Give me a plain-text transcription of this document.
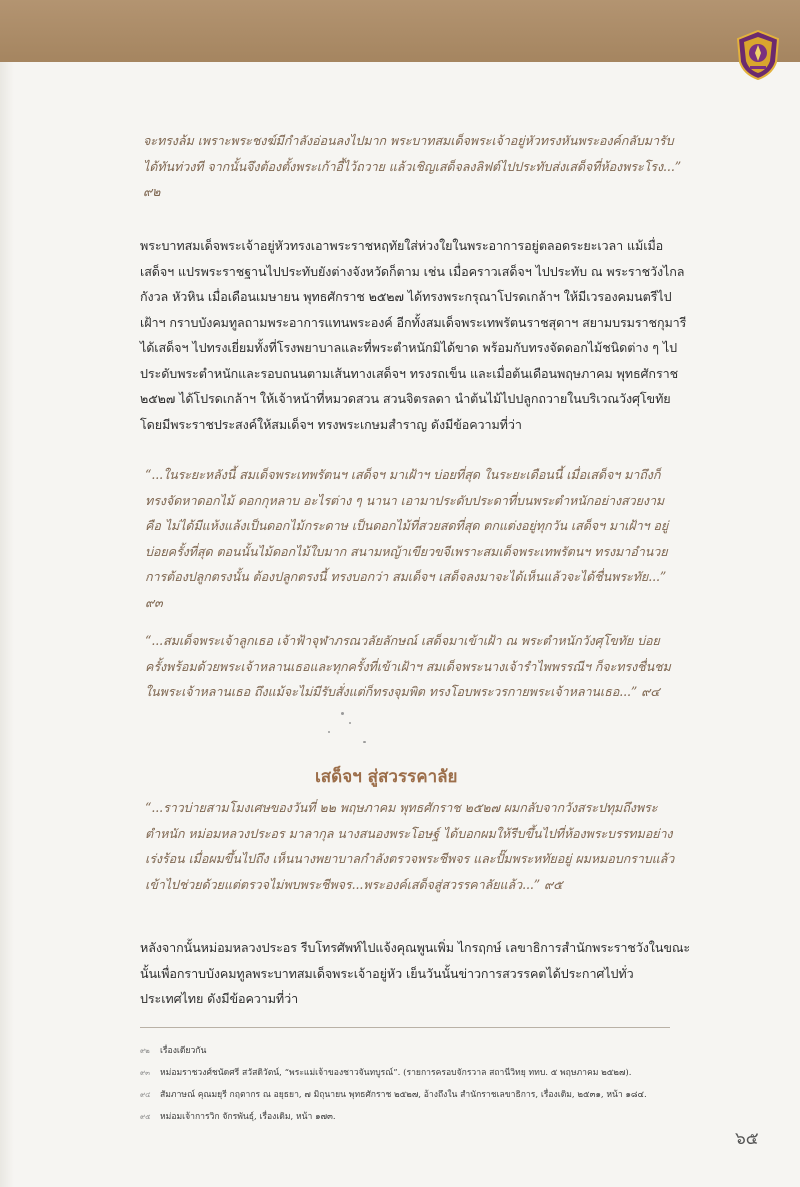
จะทรงล้ม เพราะพระชงฆ์มีกำลังอ่อนลงไปมาก พระบาทสมเด็จพระเจ้าอยู่หัวทรงหันพระองค์กลับมารับได้ทันท่วงที จากนั้นจึงต้องตั้งพระเก้าอี้ไว้ถวาย แล้วเชิญเสด็จลงลิฟต์ไปประทับส่งเสด็จที่ห้องพระโรง...” ๙๒

พระบาทสมเด็จพระเจ้าอยู่หัวทรงเอาพระราชหฤทัยใส่ห่วงใยในพระอาการอยู่ตลอดระยะเวลา แม้เมื่อเสด็จฯ แปรพระราชฐานไปประทับยังต่างจังหวัดก็ตาม เช่น เมื่อคราวเสด็จฯ ไปประทับ ณ พระราชวังไกลกังวล หัวหิน เมื่อเดือนเมษายน พุทธศักราช ๒๕๒๗ ได้ทรงพระกรุณาโปรดเกล้าฯ ให้มีเวรองคมนตรีไปเฝ้าฯ กราบบังคมทูลถามพระอาการแทนพระองค์ อีกทั้งสมเด็จพระเทพรัตนราชสุดาฯ สยามบรมราชกุมารีได้เสด็จฯ ไปทรงเยี่ยมทั้งที่โรงพยาบาลและที่พระตำหนักมิได้ขาด พร้อมกับทรงจัดดอกไม้ชนิดต่าง ๆ ไปประดับพระตำหนักและรอบถนนตามเส้นทางเสด็จฯ ทรงรถเข็น และเมื่อต้นเดือนพฤษภาคม พุทธศักราช ๒๕๒๗ ได้โปรดเกล้าฯ ให้เจ้าหน้าที่หมวดสวน สวนจิตรลดา นำต้นไม้ไปปลูกถวายในบริเวณวังศุโขทัย โดยมีพระราชประสงค์ให้สมเด็จฯ ทรงพระเกษมสำราญ ดังมีข้อความที่ว่า

“...ในระยะหลังนี้ สมเด็จพระเทพรัตนฯ เสด็จฯ มาเฝ้าฯ บ่อยที่สุด ในระยะเดือนนี้ เมื่อเสด็จฯ มาถึงก็ทรงจัดหาดอกไม้ ดอกกุหลาบ อะไรต่าง ๆ นานา เอามาประดับประดาที่บนพระตำหนักอย่างสวยงาม คือ ไม่ได้มีแห้งแล้งเป็นดอกไม้กระดาษ เป็นดอกไม้ที่สวยสดที่สุด ตกแต่งอยู่ทุกวัน เสด็จฯ มาเฝ้าฯ อยู่บ่อยครั้งที่สุด ตอนนั้นไม้ดอกไม้ใบมาก สนามหญ้าเขียวขจีเพราะสมเด็จพระเทพรัตนฯ ทรงมาอำนวยการต้องปลูกตรงนั้น ต้องปลูกตรงนี้ ทรงบอกว่า สมเด็จฯ เสด็จลงมาจะได้เห็นแล้วจะได้ชื่นพระทัย...” ๙๓

“...สมเด็จพระเจ้าลูกเธอ เจ้าฟ้าจุฬาภรณวลัยลักษณ์ เสด็จมาเข้าเฝ้า ณ พระตำหนักวังศุโขทัย บ่อยครั้งพร้อมด้วยพระเจ้าหลานเธอและทุกครั้งที่เข้าเฝ้าฯ สมเด็จพระนางเจ้ารำไพพรรณีฯ ก็จะทรงชื่นชมในพระเจ้าหลานเธอ ถึงแม้จะไม่มีรับสั่งแต่ก็ทรงจุมพิต ทรงโอบพระวรกายพระเจ้าหลานเธอ...” ๙๔

เสด็จฯ สู่สวรรคาลัย

“...ราวบ่ายสามโมงเศษของวันที่ ๒๒ พฤษภาคม พุทธศักราช ๒๕๒๗ ผมกลับจากวังสระปทุมถึงพระตำหนัก หม่อมหลวงประอร มาลากุล นางสนองพระโอษฐ์ ได้บอกผมให้รีบขึ้นไปที่ห้องพระบรรทมอย่างเร่งร้อน เมื่อผมขึ้นไปถึง เห็นนางพยาบาลกำลังตรวจพระชีพจร และปั๊มพระหทัยอยู่ ผมหมอบกราบแล้วเข้าไปช่วยด้วยแต่ตรวจไม่พบพระชีพจร...พระองค์เสด็จสู่สวรรคาลัยแล้ว...” ๙๕

หลังจากนั้นหม่อมหลวงประอร รีบโทรศัพท์ไปแจ้งคุณพูนเพิ่ม ไกรฤกษ์ เลขาธิการสำนักพระราชวังในขณะนั้นเพื่อกราบบังคมทูลพระบาทสมเด็จพระเจ้าอยู่หัว เย็นวันนั้นข่าวการสวรรคตได้ประกาศไปทั่วประเทศไทย ดังมีข้อความที่ว่า

๙๒	เรื่องเดียวกัน
๙๓	หม่อมราชวงศ์ชนัดศรี สวัสดิวัตน์, “พระแม่เจ้าของชาวจันทบูรณ์”. (รายการครอบจักรวาล สถานีวิทยุ ททบ. ๕ พฤษภาคม ๒๕๒๗).
๙๔	สัมภาษณ์ คุณมยุรี กฤตากร ณ อยุธยา, ๗ มิถุนายน พุทธศักราช ๒๕๒๗, อ้างถึงใน สำนักราชเลขาธิการ, เรื่องเดิม, ๒๕๓๑, หน้า ๑๘๔.
๙๕	หม่อมเจ้าการวิก จักรพันธุ์, เรื่องเดิม, หน้า ๑๗๓.
๖๕
